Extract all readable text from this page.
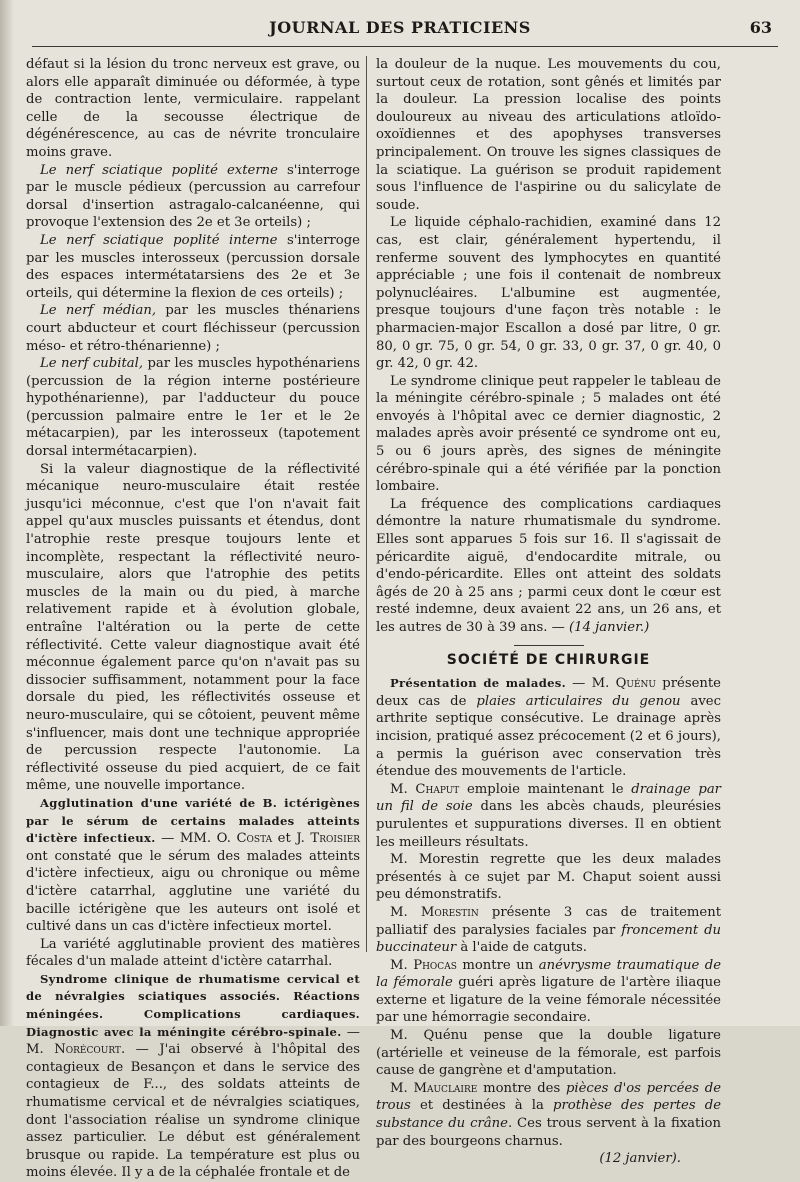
JOURNAL DES PRATICIENS	63

défaut si la lésion du tronc nerveux est grave, ou alors elle apparaît diminuée ou déformée, à type de contraction lente, vermiculaire. rappelant celle de la secousse électrique de dégénérescence, au cas de névrite tronculaire moins grave.

Le nerf sciatique poplité externe s'interroge par le muscle pédieux (percussion au carrefour dorsal d'insertion astragalo-calcanéenne, qui provoque l'extension des 2e et 3e orteils) ;

Le nerf sciatique poplité interne s'interroge par les muscles interosseux (percussion dorsale des espaces intermétatarsiens des 2e et 3e orteils, qui détermine la flexion de ces orteils) ;

Le nerf médian, par les muscles thénariens court abducteur et court fléchisseur (percussion méso- et rétro-thénarienne) ;

Le nerf cubital, par les muscles hypothénariens (percussion de la région interne postérieure hypothénarienne), par l'adducteur du pouce (percussion palmaire entre le 1er et le 2e métacarpien), par les interosseux (tapotement dorsal intermétacarpien).

Si la valeur diagnostique de la réflectivité mécanique neuro-musculaire était restée jusqu'ici méconnue, c'est que l'on n'avait fait appel qu'aux muscles puissants et étendus, dont l'atrophie reste presque toujours lente et incomplète, respectant la réflectivité neuro-musculaire, alors que l'atrophie des petits muscles de la main ou du pied, à marche relativement rapide et à évolution globale, entraîne l'altération ou la perte de cette réflectivité. Cette valeur diagnostique avait été méconnue également parce qu'on n'avait pas su dissocier suffisamment, notamment pour la face dorsale du pied, les réflectivités osseuse et neuro-musculaire, qui se côtoient, peuvent même s'influencer, mais dont une technique appropriée de percussion respecte l'autonomie. La réflectivité osseuse du pied acquiert, de ce fait même, une nouvelle importance.

Agglutination d'une variété de B. ictérigènes par le sérum de certains malades atteints d'ictère infectieux. — MM. O. Costa et J. Troisier ont constaté que le sérum des malades atteints d'ictère infectieux, aigu ou chronique ou même d'ictère catarrhal, agglutine une variété du bacille ictérigène que les auteurs ont isolé et cultivé dans un cas d'ictère infectieux mortel.

La variété agglutinable provient des matières fécales d'un malade atteint d'ictère catarrhal.

Syndrome clinique de rhumatisme cervical et de névralgies sciatiques associés. Réactions méningées. Complications cardiaques. Diagnostic avec la méningite cérébro-spinale. — M. Norécourt. — J'ai observé à l'hôpital des contagieux de Besançon et dans le service des contagieux de F..., des soldats atteints de rhumatisme cervical et de névralgies sciatiques, dont l'association réalise un syndrome clinique assez particulier. Le début est généralement brusque ou rapide. La température est plus ou moins élevée. Il y a de la céphalée frontale et de

la douleur de la nuque. Les mouvements du cou, surtout ceux de rotation, sont gênés et limités par la douleur. La pression localise des points douloureux au niveau des articulations atloïdo-oxoïdiennes et des apophyses transverses principalement. On trouve les signes classiques de la sciatique. La guérison se produit rapidement sous l'influence de l'aspirine ou du salicylate de soude.

Le liquide céphalo-rachidien, examiné dans 12 cas, est clair, généralement hypertendu, il renferme souvent des lymphocytes en quantité appréciable ; une fois il contenait de nombreux polynucléaires. L'albumine est augmentée, presque toujours d'une façon très notable : le pharmacien-major Escallon a dosé par litre, 0 gr. 80, 0 gr. 75, 0 gr. 54, 0 gr. 33, 0 gr. 37, 0 gr. 40, 0 gr. 42, 0 gr. 42.

Le syndrome clinique peut rappeler le tableau de la méningite cérébro-spinale ; 5 malades ont été envoyés à l'hôpital avec ce dernier diagnostic, 2 malades après avoir présenté ce syndrome ont eu, 5 ou 6 jours après, des signes de méningite cérébro-spinale qui a été vérifiée par la ponction lombaire.

La fréquence des complications cardiaques démontre la nature rhumatismale du syndrome. Elles sont apparues 5 fois sur 16. Il s'agissait de péricardite aiguë, d'endocardite mitrale, ou d'endo-péricardite. Elles ont atteint des soldats âgés de 20 à 25 ans ; parmi ceux dont le cœur est resté indemne, deux avaient 22 ans, un 26 ans, et les autres de 30 à 39 ans. — (14 janvier.)

SOCIÉTÉ DE CHIRURGIE

Présentation de malades. — M. Quénu présente deux cas de plaies articulaires du genou avec arthrite septique consécutive. Le drainage après incision, pratiqué assez précocement (2 et 6 jours), a permis la guérison avec conservation très étendue des mouvements de l'article.

M. Chaput emploie maintenant le drainage par un fil de soie dans les abcès chauds, pleurésies purulentes et suppurations diverses. Il en obtient les meilleurs résultats.

M. Morestin regrette que les deux malades présentés à ce sujet par M. Chaput soient aussi peu démonstratifs.

M. Morestin présente 3 cas de traitement palliatif des paralysies faciales par froncement du buccinateur à l'aide de catguts.

M. Phocas montre un anévrysme traumatique de la fémorale guéri après ligature de l'artère iliaque externe et ligature de la veine fémorale nécessitée par une hémorragie secondaire.

M. Quénu pense que la double ligature (artérielle et veineuse de la fémorale, est parfois cause de gangrène et d'amputation.

M. Mauclaire montre des pièces d'os percées de trous et destinées à la prothèse des pertes de substance du crâne. Ces trous servent à la fixation par des bourgeons charnus.

(12 janvier).
